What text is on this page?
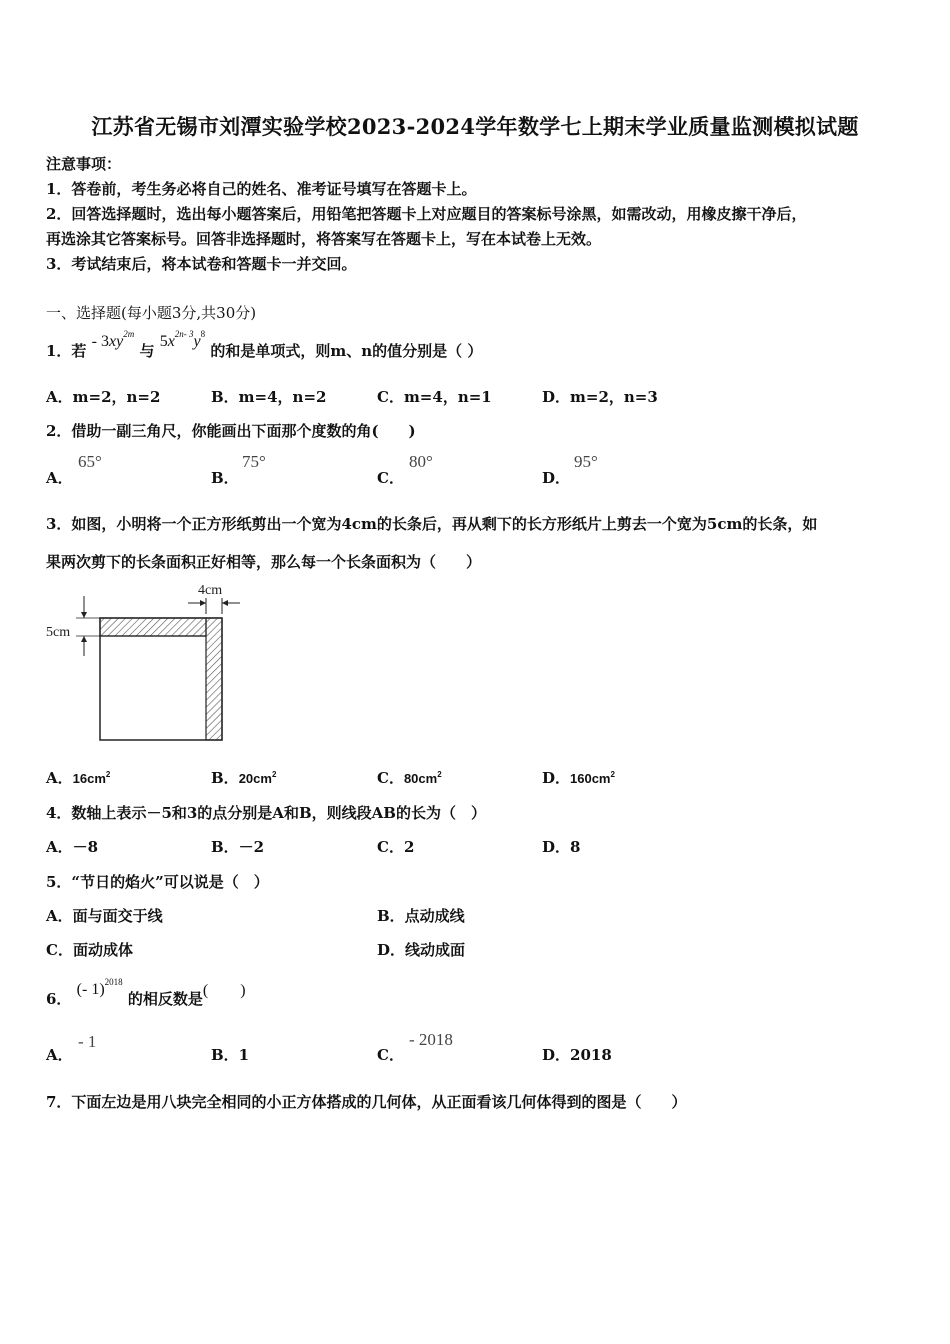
江苏省无锡市刘潭实验学校2023-2024学年数学七上期末学业质量监测模拟试题
注意事项：
1．答卷前，考生务必将自己的姓名、准考证号填写在答题卡上。
2．回答选择题时，选出每小题答案后，用铅笔把答题卡上对应题目的答案标号涂黑，如需改动，用橡皮擦干净后，
再选涂其它答案标号。回答非选择题时，将答案写在答题卡上，写在本试卷上无效。
3．考试结束后，将本试卷和答题卡一并交回。
一、选择题(每小题3分,共30分)
1．若 - $3xy^{2m}$ 与 $5x^{2n- 3}y^8$ 的和是单项式，则m、n的值分别是（ ）
A．m=2，n=2	B．m=4，n=2	C．m=4，n=1	D．m=2，n=3
2．借助一副三角尺，你能画出下面那个度数的角(　　)
A．
65°
B．
75°
C．
80°
D．
95°
3．如图，小明将一个正方形纸剪出一个宽为4cm的长条后，再从剩下的长方形纸片上剪去一个宽为5cm的长条，如
果两次剪下的长条面积正好相等，那么每一个长条面积为（　　）
4cm
5cm
A．$16cm^2$	B．$20cm^2$	C．$80cm^2$	D．$160cm^2$
4．数轴上表示－5和3的点分别是A和B，则线段AB的长为（　）
A．－8	B．－2	C．2	D．8
5．“节日的焰火”可以说是（　）
A．面与面交于线	B．点动成线
C．面动成体	D．线动成面
6． (- 1)$^{2018}$ 的相反数是(　　)
A．
- 1
B．1	C．
- 2018
D．2018
7．下面左边是用八块完全相同的小正方体搭成的几何体，从正面看该几何体得到的图是（　　）
